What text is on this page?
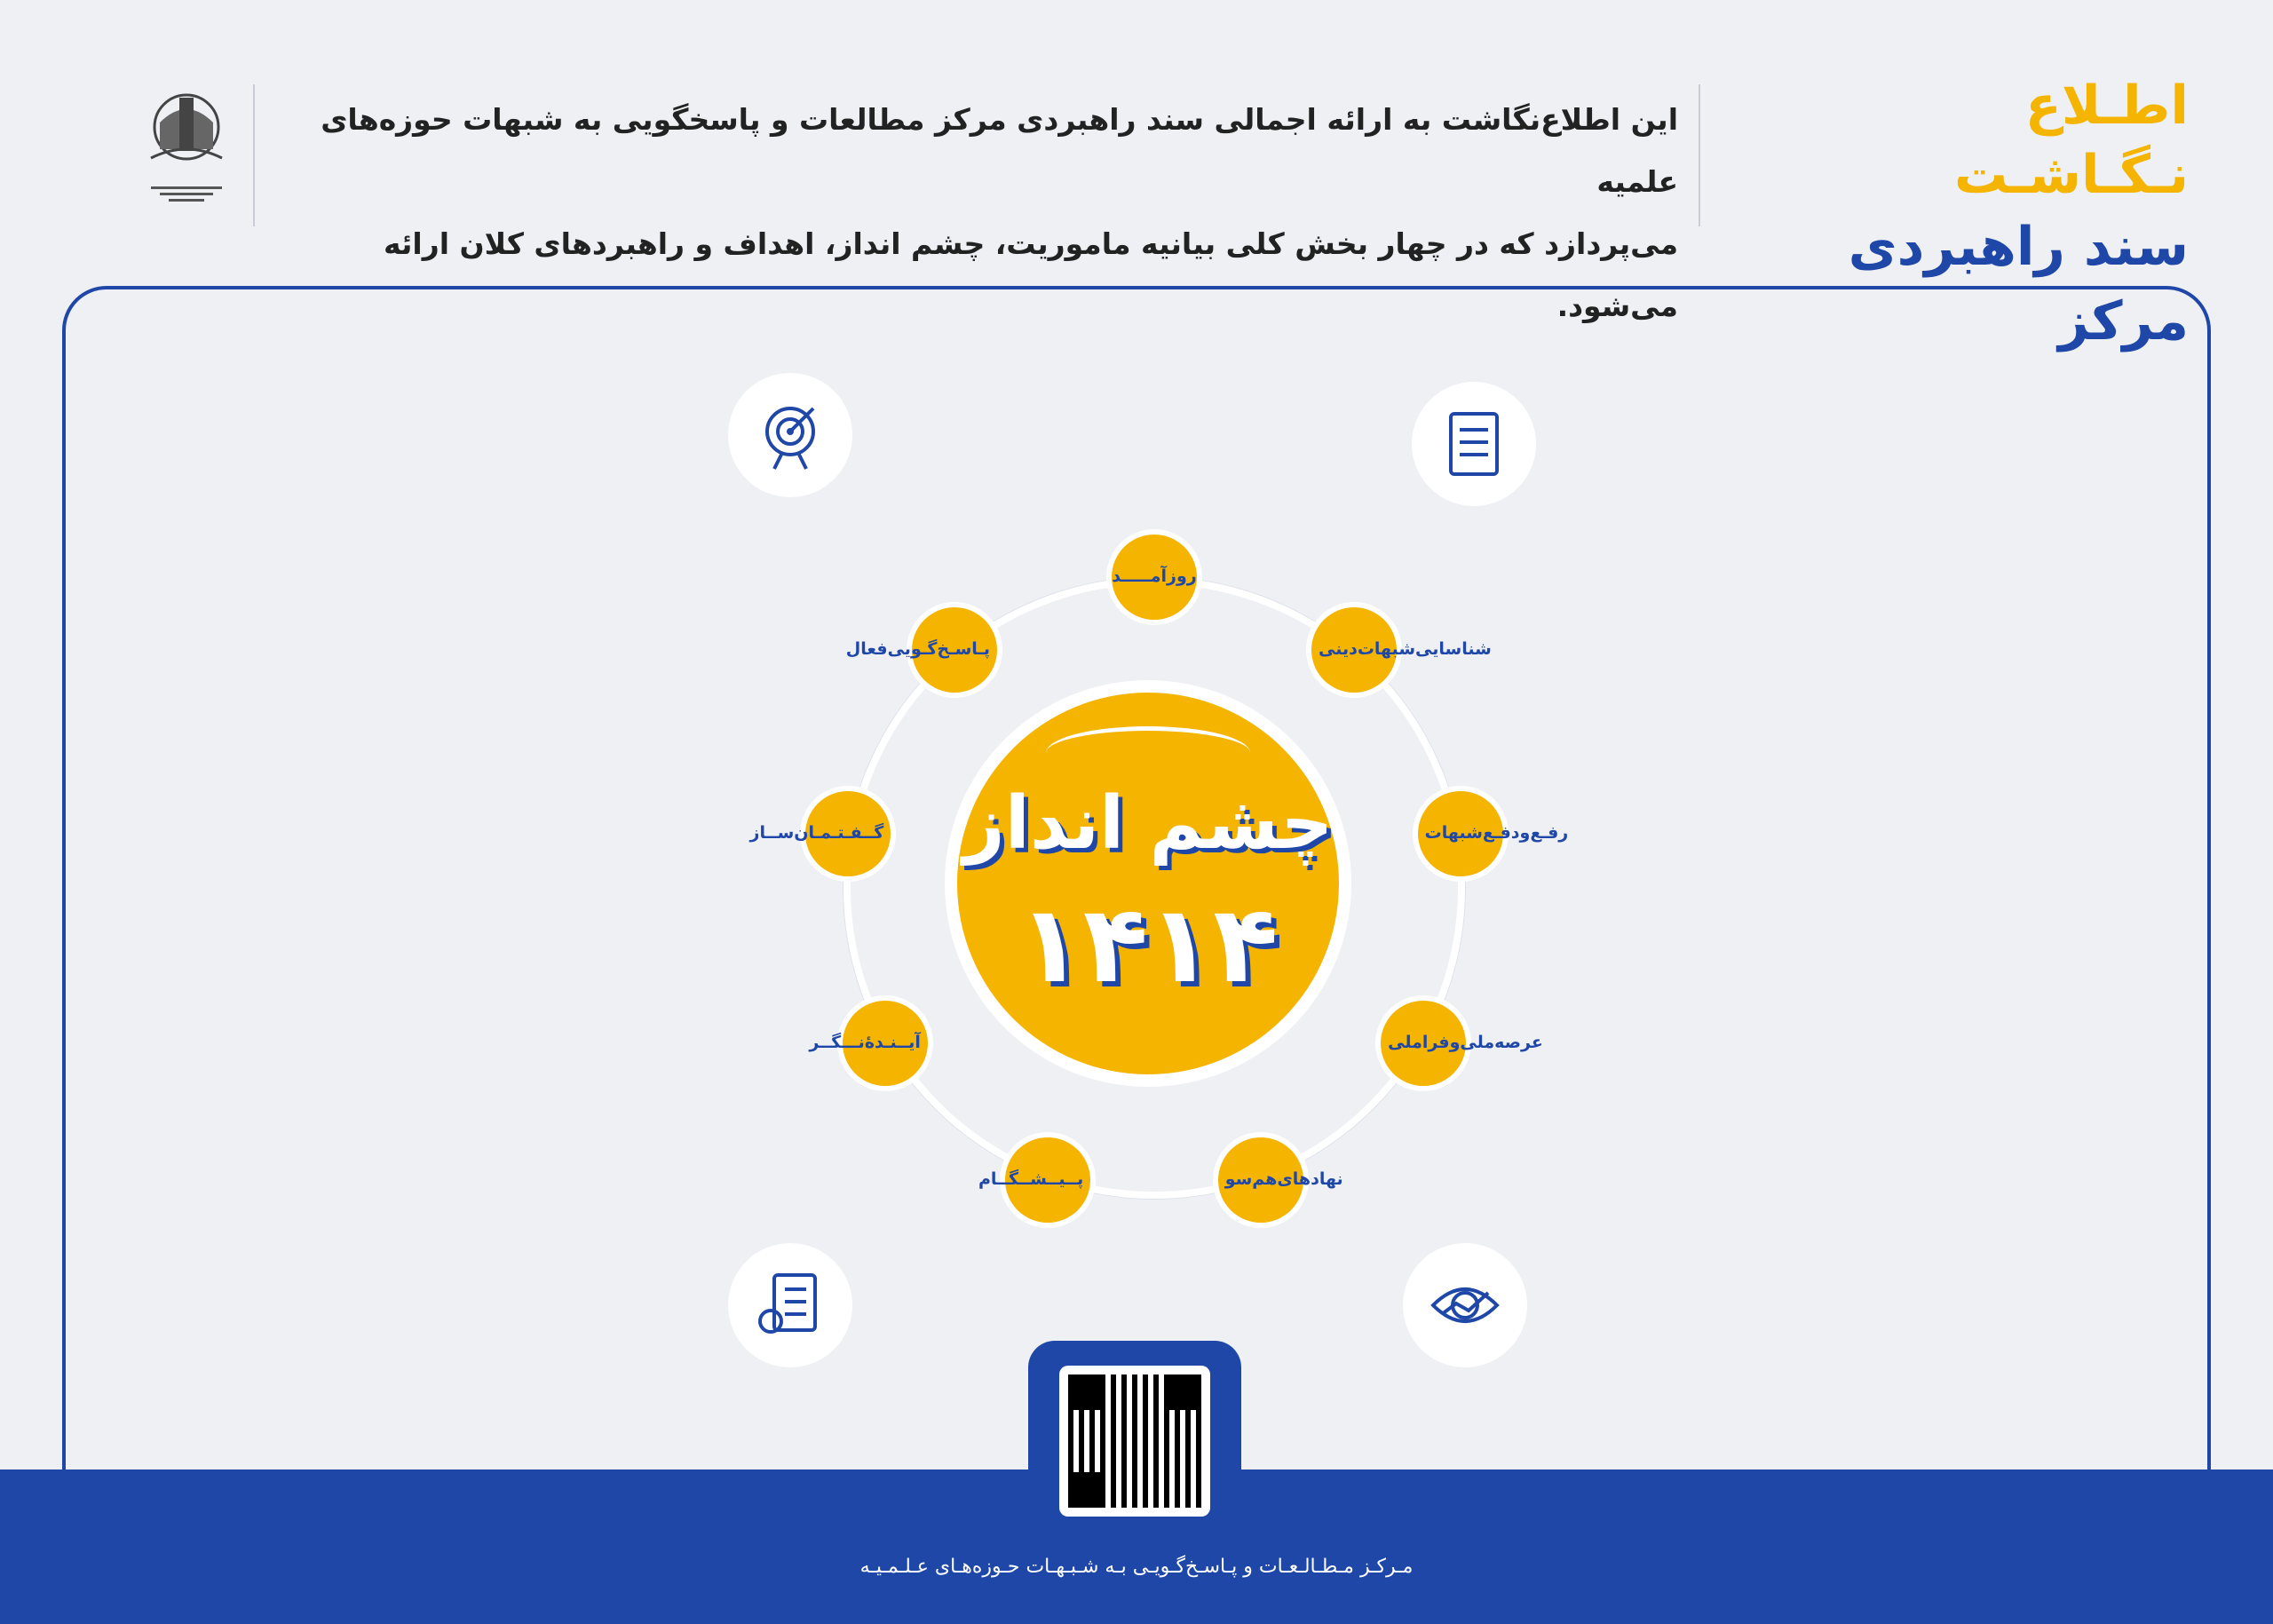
اطـلاع نـگـاشـت
سند راهبردی مرکز
این اطلاع‌نگاشت به ارائه اجمالی سند راهبردی مرکز مطالعات و پاسخگویی به شبهات حوزه‌های علمیه
می‌پردازد که در چهار بخش کلی بیانیه ماموریت، چشم انداز، اهداف و راهبردهای کلان ارائه می‌شود.
روزآمـــــد
شناسایی‌شبهات‌دینی
رفـع‌ودفـع‌شبهات
عرصه‌ملی‌وفراملی
نهادهای‌هم‌سو
پــیــشــگــام
آیــنـدهٔ‌نـــگــر
گــفـتـمـان‌ســاز
پـاسـخ‌گـویی‌فعال
چشم انداز
۱۴۱۴
مـرکـز مـطـالـعـات و پـاسـخ‌گـویـی بـه شـبـهـات حـوزه‌هـای عـلـمـیـه
